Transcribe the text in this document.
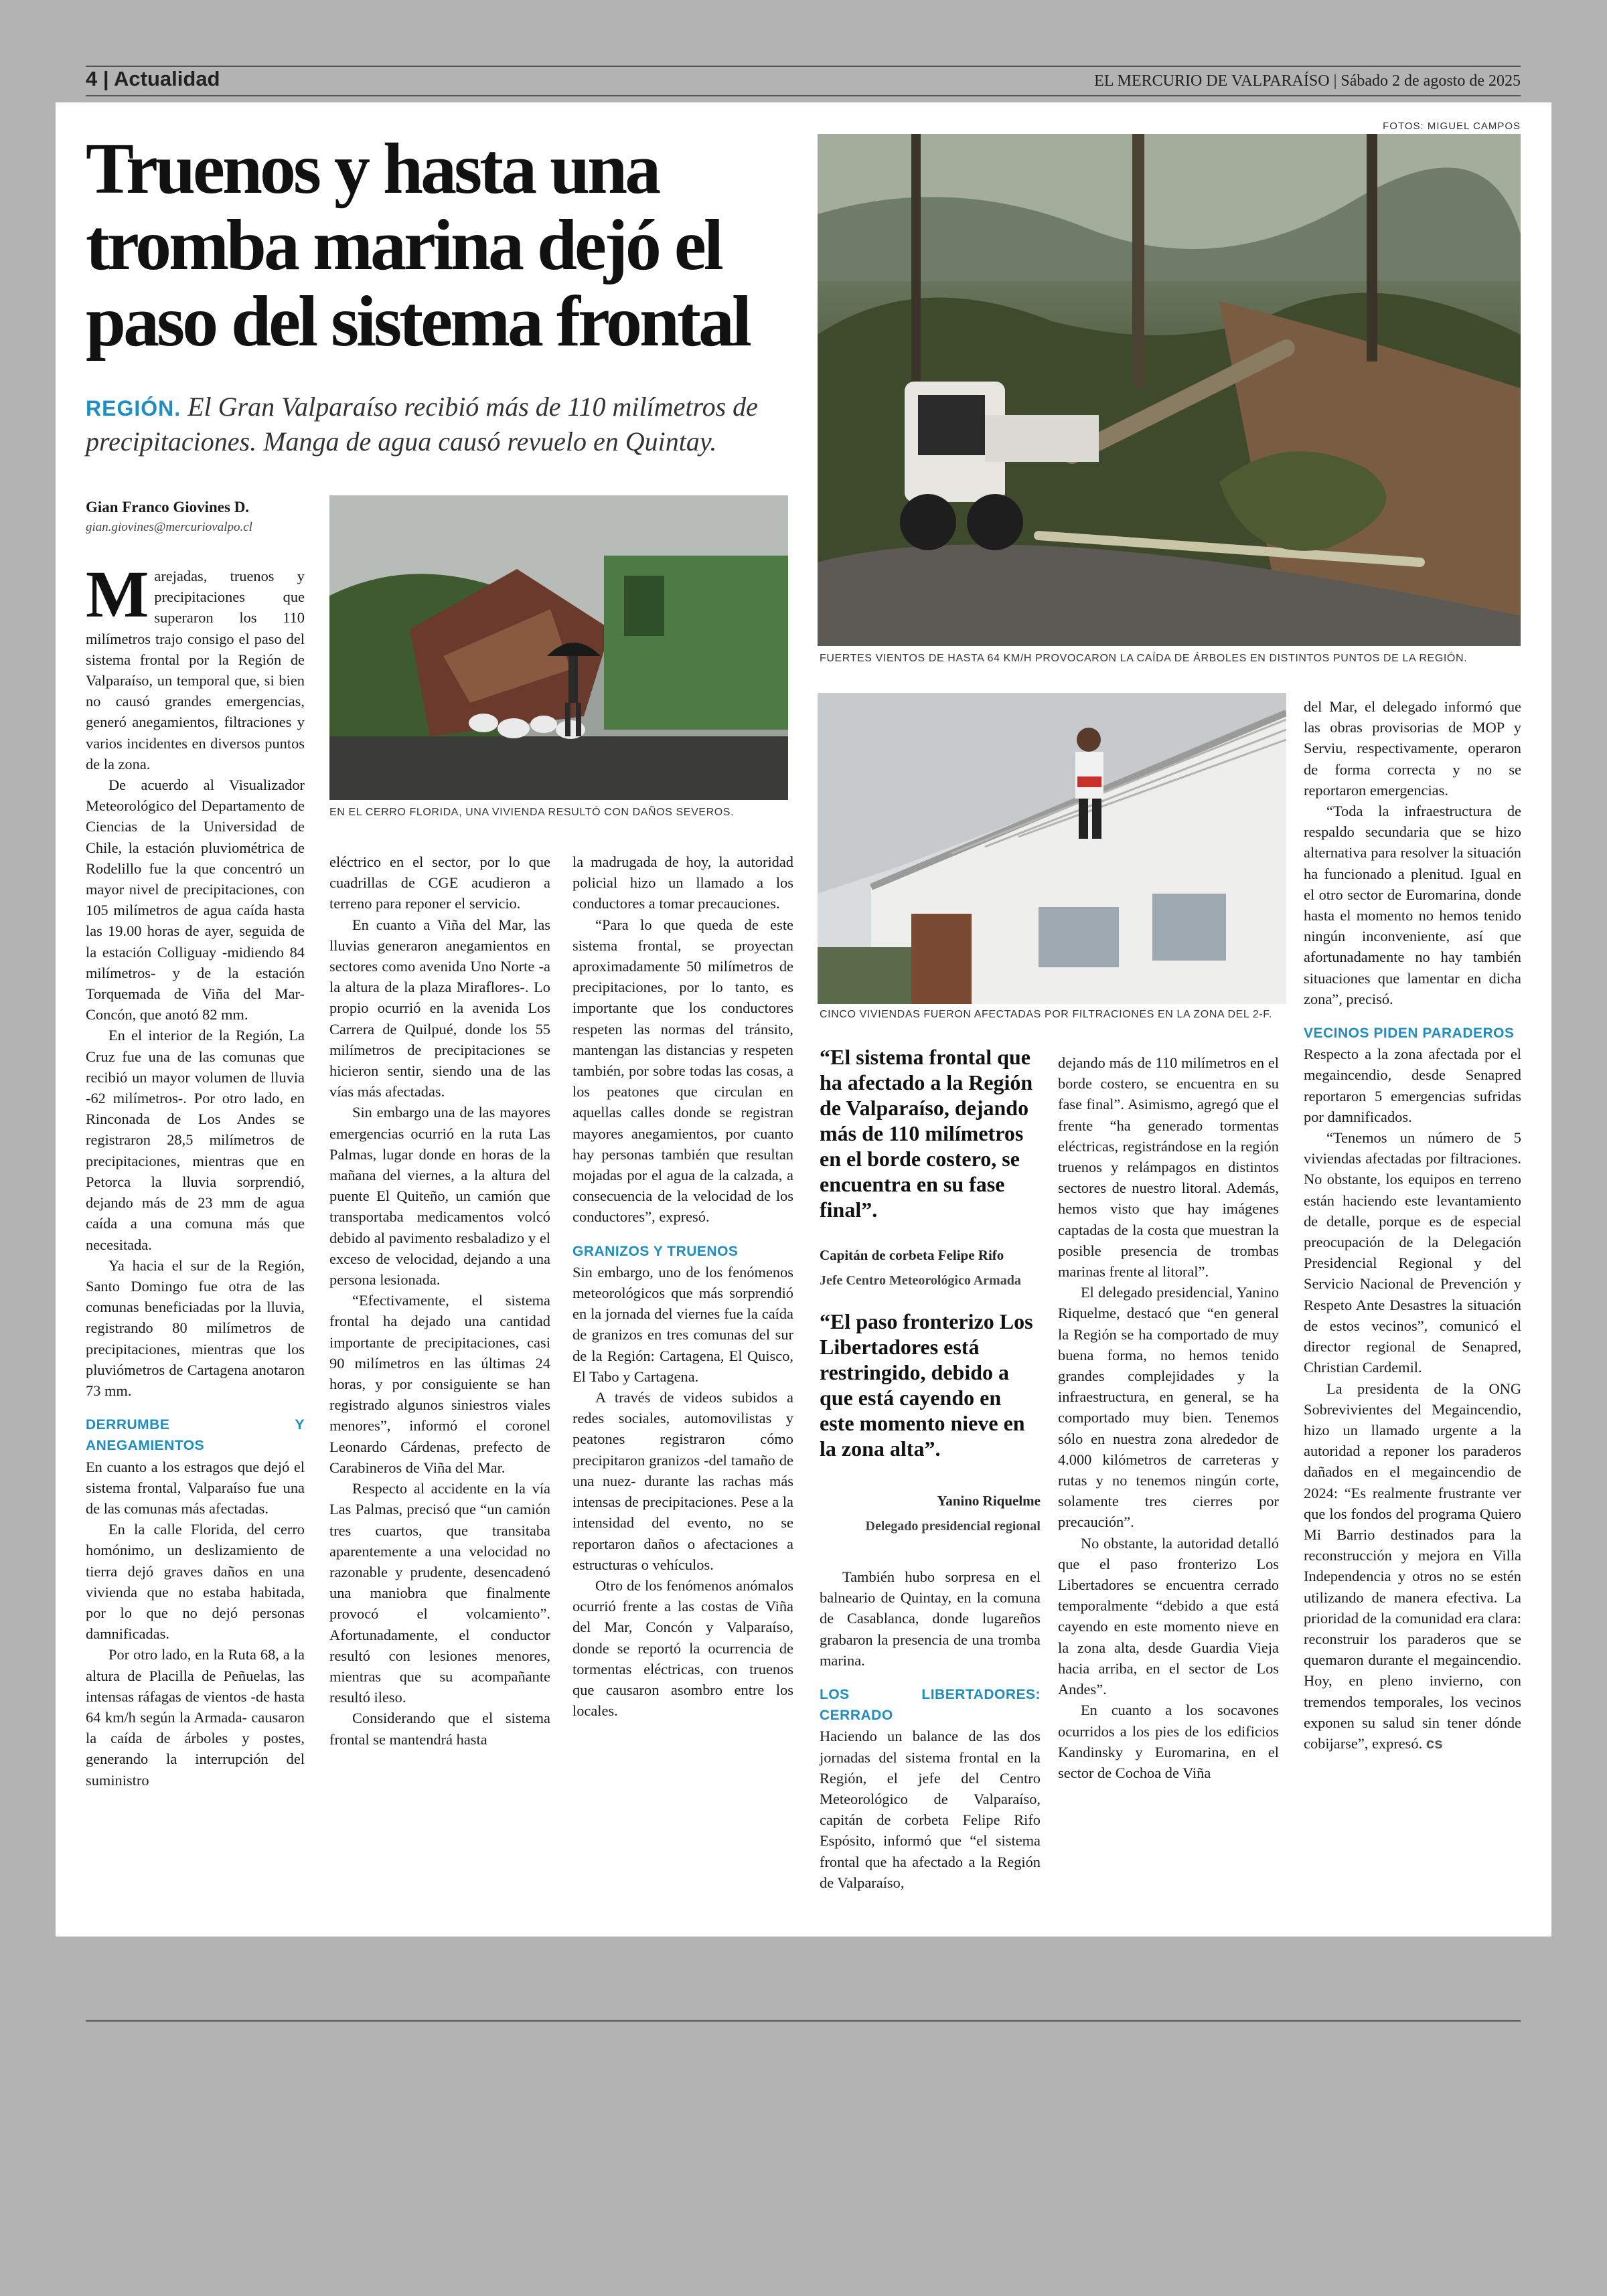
4 | Actualidad	EL MERCURIO DE VALPARAÍSO | Sábado 2 de agosto de 2025
FOTOS: MIGUEL CAMPOS
Truenos y hasta una tromba marina dejó el paso del sistema frontal
REGIÓN. El Gran Valparaíso recibió más de 110 milímetros de precipitaciones. Manga de agua causó revuelo en Quintay.
Gian Franco Giovines D.
gian.giovines@mercuriovalpo.cl
FUERTES VIENTOS DE HASTA 64 KM/H PROVOCARON LA CAÍDA DE ÁRBOLES EN DISTINTOS PUNTOS DE LA REGIÓN.
EN EL CERRO FLORIDA, UNA VIVIENDA RESULTÓ CON DAÑOS SEVEROS.
CINCO VIVIENDAS FUERON AFECTADAS POR FILTRACIONES EN LA ZONA DEL 2-F.

Marejadas, truenos y precipitaciones que superaron los 110 milímetros trajo consigo el paso del sistema frontal por la Región de Valparaíso, un temporal que, si bien no causó grandes emergencias, generó anegamientos, filtraciones y varios incidentes en diversos puntos de la zona.

De acuerdo al Visualizador Meteorológico del Departamento de Ciencias de la Universidad de Chile, la estación pluviométrica de Rodelillo fue la que concentró un mayor nivel de precipitaciones, con 105 milímetros de agua caída hasta las 19.00 horas de ayer, seguida de la estación Colliguay -midiendo 84 milímetros- y de la estación Torquemada de Viña del Mar-Concón, que anotó 82 mm.

En el interior de la Región, La Cruz fue una de las comunas que recibió un mayor volumen de lluvia -62 milímetros-. Por otro lado, en Rinconada de Los Andes se registraron 28,5 milímetros de precipitaciones, mientras que en Petorca la lluvia sorprendió, dejando más de 23 mm de agua caída a una comuna más que necesitada.

Ya hacia el sur de la Región, Santo Domingo fue otra de las comunas beneficiadas por la lluvia, registrando 80 milímetros de precipitaciones, mientras que los pluviómetros de Cartagena anotaron 73 mm.

DERRUMBE Y ANEGAMIENTOS

En cuanto a los estragos que dejó el sistema frontal, Valparaíso fue una de las comunas más afectadas.

En la calle Florida, del cerro homónimo, un deslizamiento de tierra dejó graves daños en una vivienda que no estaba habitada, por lo que no dejó personas damnificadas.

Por otro lado, en la Ruta 68, a la altura de Placilla de Peñuelas, las intensas ráfagas de vientos -de hasta 64 km/h según la Armada- causaron la caída de árboles y postes, generando la interrupción del suministro

eléctrico en el sector, por lo que cuadrillas de CGE acudieron a terreno para reponer el servicio.

En cuanto a Viña del Mar, las lluvias generaron anegamientos en sectores como avenida Uno Norte -a la altura de la plaza Miraflores-. Lo propio ocurrió en la avenida Los Carrera de Quilpué, donde los 55 milímetros de precipitaciones se hicieron sentir, siendo una de las vías más afectadas.

Sin embargo una de las mayores emergencias ocurrió en la ruta Las Palmas, lugar donde en horas de la mañana del viernes, a la altura del puente El Quiteño, un camión que transportaba medicamentos volcó debido al pavimento resbaladizo y el exceso de velocidad, dejando a una persona lesionada.

“Efectivamente, el sistema frontal ha dejado una cantidad importante de precipitaciones, casi 90 milímetros en las últimas 24 horas, y por consiguiente se han registrado algunos siniestros viales menores”, informó el coronel Leonardo Cárdenas, prefecto de Carabineros de Viña del Mar.

Respecto al accidente en la vía Las Palmas, precisó que “un camión tres cuartos, que transitaba aparentemente a una velocidad no razonable y prudente, desencadenó una maniobra que finalmente provocó el volcamiento”. Afortunadamente, el conductor resultó con lesiones menores, mientras que su acompañante resultó ileso.

Considerando que el sistema frontal se mantendrá hasta

la madrugada de hoy, la autoridad policial hizo un llamado a los conductores a tomar precauciones.

“Para lo que queda de este sistema frontal, se proyectan aproximadamente 50 milímetros de precipitaciones, por lo tanto, es importante que los conductores respeten las normas del tránsito, mantengan las distancias y respeten también, por sobre todas las cosas, a los peatones que circulan en aquellas calles donde se registran mayores anegamientos, por cuanto hay personas también que resultan mojadas por el agua de la calzada, a consecuencia de la velocidad de los conductores”, expresó.

GRANIZOS Y TRUENOS

Sin embargo, uno de los fenómenos meteorológicos que más sorprendió en la jornada del viernes fue la caída de granizos en tres comunas del sur de la Región: Cartagena, El Quisco, El Tabo y Cartagena.

A través de videos subidos a redes sociales, automovilistas y peatones registraron cómo precipitaron granizos -del tamaño de una nuez- durante las rachas más intensas de precipitaciones. Pese a la intensidad del evento, no se reportaron daños o afectaciones a estructuras o vehículos.

Otro de los fenómenos anómalos ocurrió frente a las costas de Viña del Mar, Concón y Valparaíso, donde se reportó la ocurrencia de tormentas eléctricas, con truenos que causaron asombro entre los locales.

“El sistema frontal que ha afectado a la Región de Valparaíso, dejando más de 110 milímetros en el borde costero, se encuentra en su fase final”.
Capitán de corbeta Felipe Rifo
Jefe Centro Meteorológico Armada
“El paso fronterizo Los Libertadores está restringido, debido a que está cayendo en este momento nieve en la zona alta”.
Yanino Riquelme
Delegado presidencial regional

También hubo sorpresa en el balneario de Quintay, en la comuna de Casablanca, donde lugareños grabaron la presencia de una tromba marina.

LOS LIBERTADORES: CERRADO

Haciendo un balance de las dos jornadas del sistema frontal en la Región, el jefe del Centro Meteorológico de Valparaíso, capitán de corbeta Felipe Rifo Espósito, informó que “el sistema frontal que ha afectado a la Región de Valparaíso,

dejando más de 110 milímetros en el borde costero, se encuentra en su fase final”. Asimismo, agregó que el frente “ha generado tormentas eléctricas, registrándose en la región truenos y relámpagos en distintos sectores de nuestro litoral. Además, hemos visto que hay imágenes captadas de la costa que muestran la posible presencia de trombas marinas frente al litoral”.

El delegado presidencial, Yanino Riquelme, destacó que “en general la Región se ha comportado de muy buena forma, no hemos tenido grandes complejidades y la infraestructura, en general, se ha comportado muy bien. Tenemos sólo en nuestra zona alrededor de 4.000 kilómetros de carreteras y rutas y no tenemos ningún corte, solamente tres cierres por precaución”.

No obstante, la autoridad detalló que el paso fronterizo Los Libertadores se encuentra cerrado temporalmente “debido a que está cayendo en este momento nieve en la zona alta, desde Guardia Vieja hacia arriba, en el sector de Los Andes”.

En cuanto a los socavones ocurridos a los pies de los edificios Kandinsky y Euromarina, en el sector de Cochoa de Viña

del Mar, el delegado informó que las obras provisorias de MOP y Serviu, respectivamente, operaron de forma correcta y no se reportaron emergencias.

“Toda la infraestructura de respaldo secundaria que se hizo alternativa para resolver la situación ha funcionado a plenitud. Igual en el otro sector de Euromarina, donde hasta el momento no hemos tenido ningún inconveniente, así que afortunadamente no hay también situaciones que lamentar en dicha zona”, precisó.

VECINOS PIDEN PARADEROS

Respecto a la zona afectada por el megaincendio, desde Senapred reportaron 5 emergencias sufridas por damnificados.

“Tenemos un número de 5 viviendas afectadas por filtraciones. No obstante, los equipos en terreno están haciendo este levantamiento de detalle, porque es de especial preocupación de la Delegación Presidencial Regional y del Servicio Nacional de Prevención y Respeto Ante Desastres la situación de estos vecinos”, comunicó el director regional de Senapred, Christian Cardemil.

La presidenta de la ONG Sobrevivientes del Megaincendio, hizo un llamado urgente a la autoridad a reponer los paraderos dañados en el megaincendio de 2024: “Es realmente frustrante ver que los fondos del programa Quiero Mi Barrio destinados para la reconstrucción y mejora en Villa Independencia y otros no se estén utilizando de manera efectiva. La prioridad de la comunidad era clara: reconstruir los paraderos que se quemaron durante el megaincendio. Hoy, en pleno invierno, con tremendos temporales, los vecinos exponen su salud sin tener dónde cobijarse”, expresó. cs
